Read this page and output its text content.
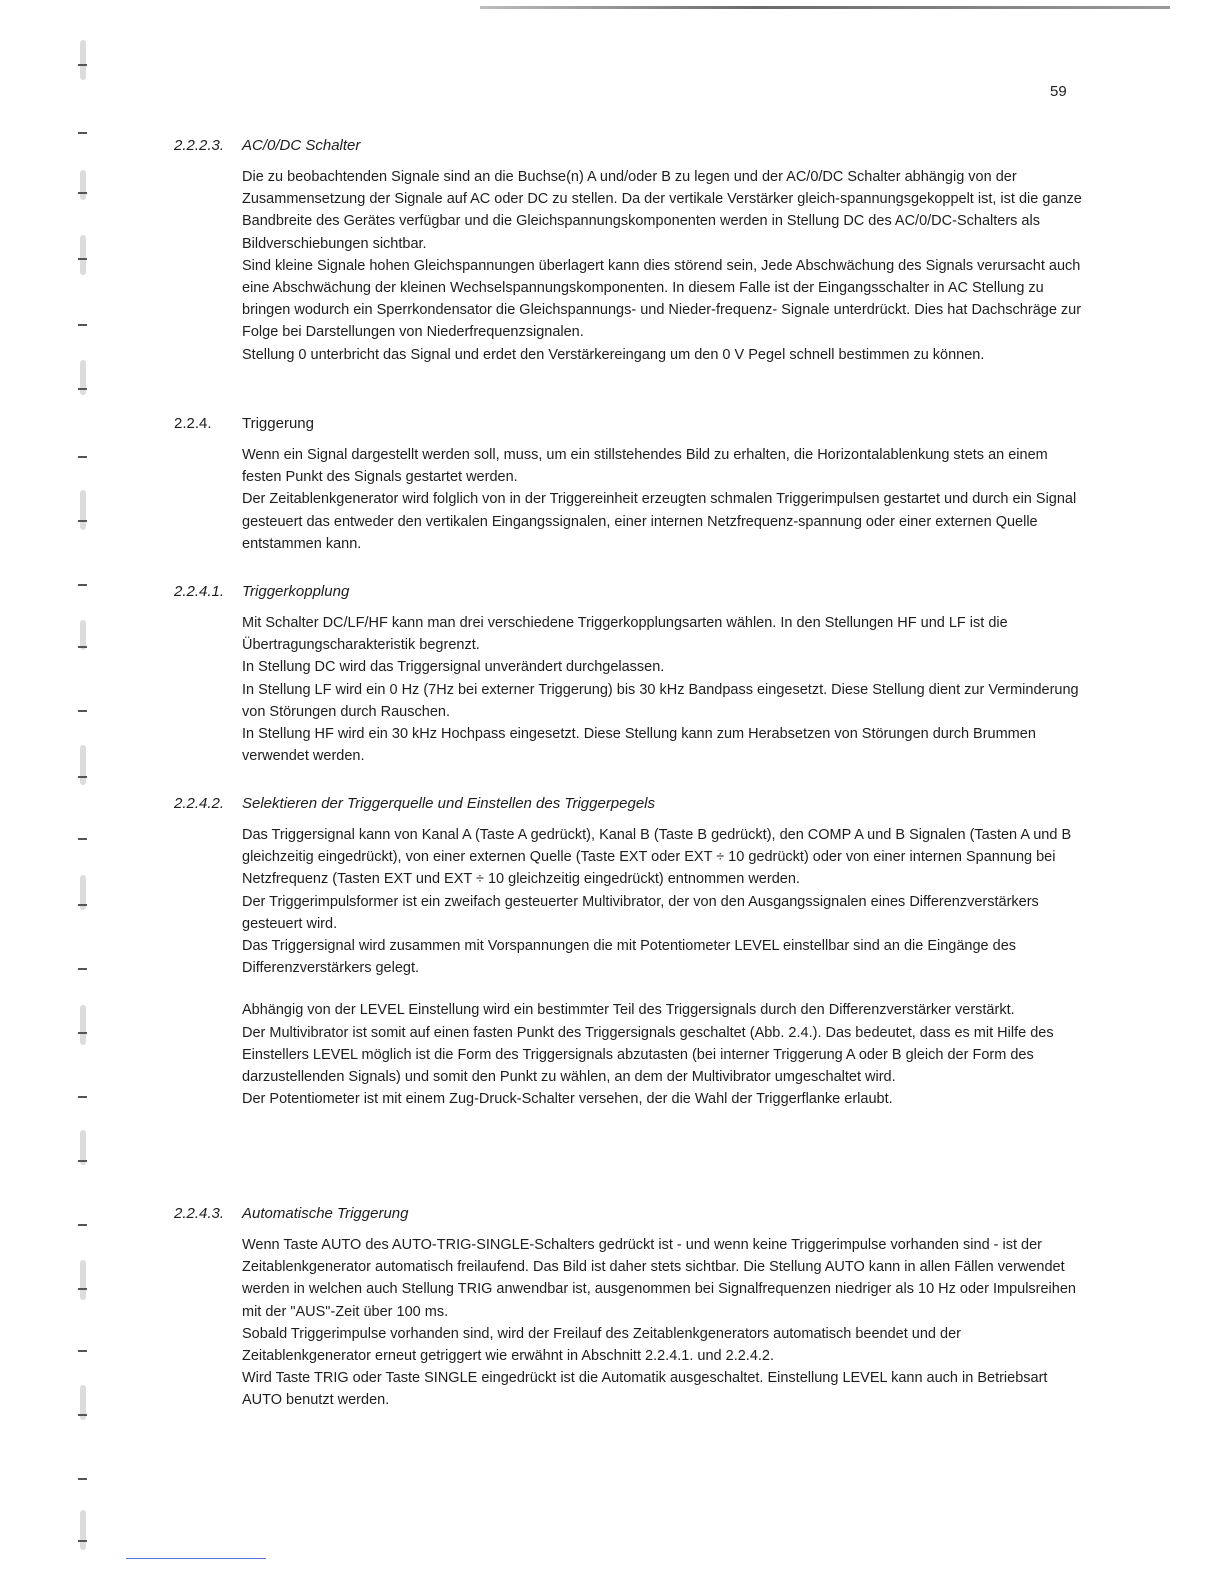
59
2.2.2.3.	AC/0/DC Schalter

Die zu beobachtenden Signale sind an die Buchse(n) A und/oder B zu legen und der AC/0/DC Schalter abhängig von der Zusammensetzung der Signale auf AC oder DC zu stellen. Da der vertikale Verstärker gleich-spannungsgekoppelt ist, ist die ganze Bandbreite des Gerätes verfügbar und die Gleichspannungskomponenten werden in Stellung DC des AC/0/DC-Schalters als Bildverschiebungen sichtbar.

Sind kleine Signale hohen Gleichspannungen überlagert kann dies störend sein, Jede Abschwächung des Signals verursacht auch eine Abschwächung der kleinen Wechselspannungskomponenten. In diesem Falle ist der Eingangsschalter in AC Stellung zu bringen wodurch ein Sperrkondensator die Gleichspannungs- und Nieder-frequenz- Signale unterdrückt. Dies hat Dachschräge zur Folge bei Darstellungen von Niederfrequenzsignalen.

Stellung 0 unterbricht das Signal und erdet den Verstärkereingang um den 0 V Pegel schnell bestimmen zu können.

2.2.4.	Triggerung

Wenn ein Signal dargestellt werden soll, muss, um ein stillstehendes Bild zu erhalten, die Horizontalablenkung stets an einem festen Punkt des Signals gestartet werden.

Der Zeitablenkgenerator wird folglich von in der Triggereinheit erzeugten schmalen Triggerimpulsen gestartet und durch ein Signal gesteuert das entweder den vertikalen Eingangssignalen, einer internen Netzfrequenz-spannung oder einer externen Quelle entstammen kann.

2.2.4.1.	Triggerkopplung

Mit Schalter DC/LF/HF kann man drei verschiedene Triggerkopplungsarten wählen. In den Stellungen HF und LF ist die Übertragungscharakteristik begrenzt.

In Stellung DC wird das Triggersignal unverändert durchgelassen.

In Stellung LF wird ein 0 Hz (7Hz bei externer Triggerung) bis 30 kHz Bandpass eingesetzt. Diese Stellung dient zur Verminderung von Störungen durch Rauschen.

In Stellung HF wird ein 30 kHz Hochpass eingesetzt. Diese Stellung kann zum Herabsetzen von Störungen durch Brummen verwendet werden.

2.2.4.2.	Selektieren der Triggerquelle und Einstellen des Triggerpegels

Das Triggersignal kann von Kanal A (Taste A gedrückt), Kanal B (Taste B gedrückt), den COMP A und B Signalen (Tasten A und B gleichzeitig eingedrückt), von einer externen Quelle (Taste EXT oder EXT ÷ 10 gedrückt) oder von einer internen Spannung bei Netzfrequenz (Tasten EXT und EXT ÷ 10 gleichzeitig eingedrückt) entnommen werden.

Der Triggerimpulsformer ist ein zweifach gesteuerter Multivibrator, der von den Ausgangssignalen eines Differenzverstärkers gesteuert wird.

Das Triggersignal wird zusammen mit Vorspannungen die mit Potentiometer LEVEL einstellbar sind an die Eingänge des Differenzverstärkers gelegt.

Abhängig von der LEVEL Einstellung wird ein bestimmter Teil des Triggersignals durch den Differenzverstärker verstärkt.

Der Multivibrator ist somit auf einen fasten Punkt des Triggersignals geschaltet (Abb. 2.4.). Das bedeutet, dass es mit Hilfe des Einstellers LEVEL möglich ist die Form des Triggersignals abzutasten (bei interner Triggerung A oder B gleich der Form des darzustellenden Signals) und somit den Punkt zu wählen, an dem der Multivibrator umgeschaltet wird.

Der Potentiometer ist mit einem Zug-Druck-Schalter versehen, der die Wahl der Triggerflanke erlaubt.

2.2.4.3.	Automatische Triggerung

Wenn Taste AUTO des AUTO-TRIG-SINGLE-Schalters gedrückt ist - und wenn keine Triggerimpulse vorhanden sind - ist der Zeitablenkgenerator automatisch freilaufend. Das Bild ist daher stets sichtbar. Die Stellung AUTO kann in allen Fällen verwendet werden in welchen auch Stellung TRIG anwendbar ist, ausgenommen bei Signalfrequenzen niedriger als 10 Hz oder Impulsreihen mit der "AUS"-Zeit über 100 ms.

Sobald Triggerimpulse vorhanden sind, wird der Freilauf des Zeitablenkgenerators automatisch beendet und der Zeitablenkgenerator erneut getriggert wie erwähnt in Abschnitt 2.2.4.1. und 2.2.4.2.

Wird Taste TRIG oder Taste SINGLE eingedrückt ist die Automatik ausgeschaltet. Einstellung LEVEL kann auch in Betriebsart AUTO benutzt werden.
